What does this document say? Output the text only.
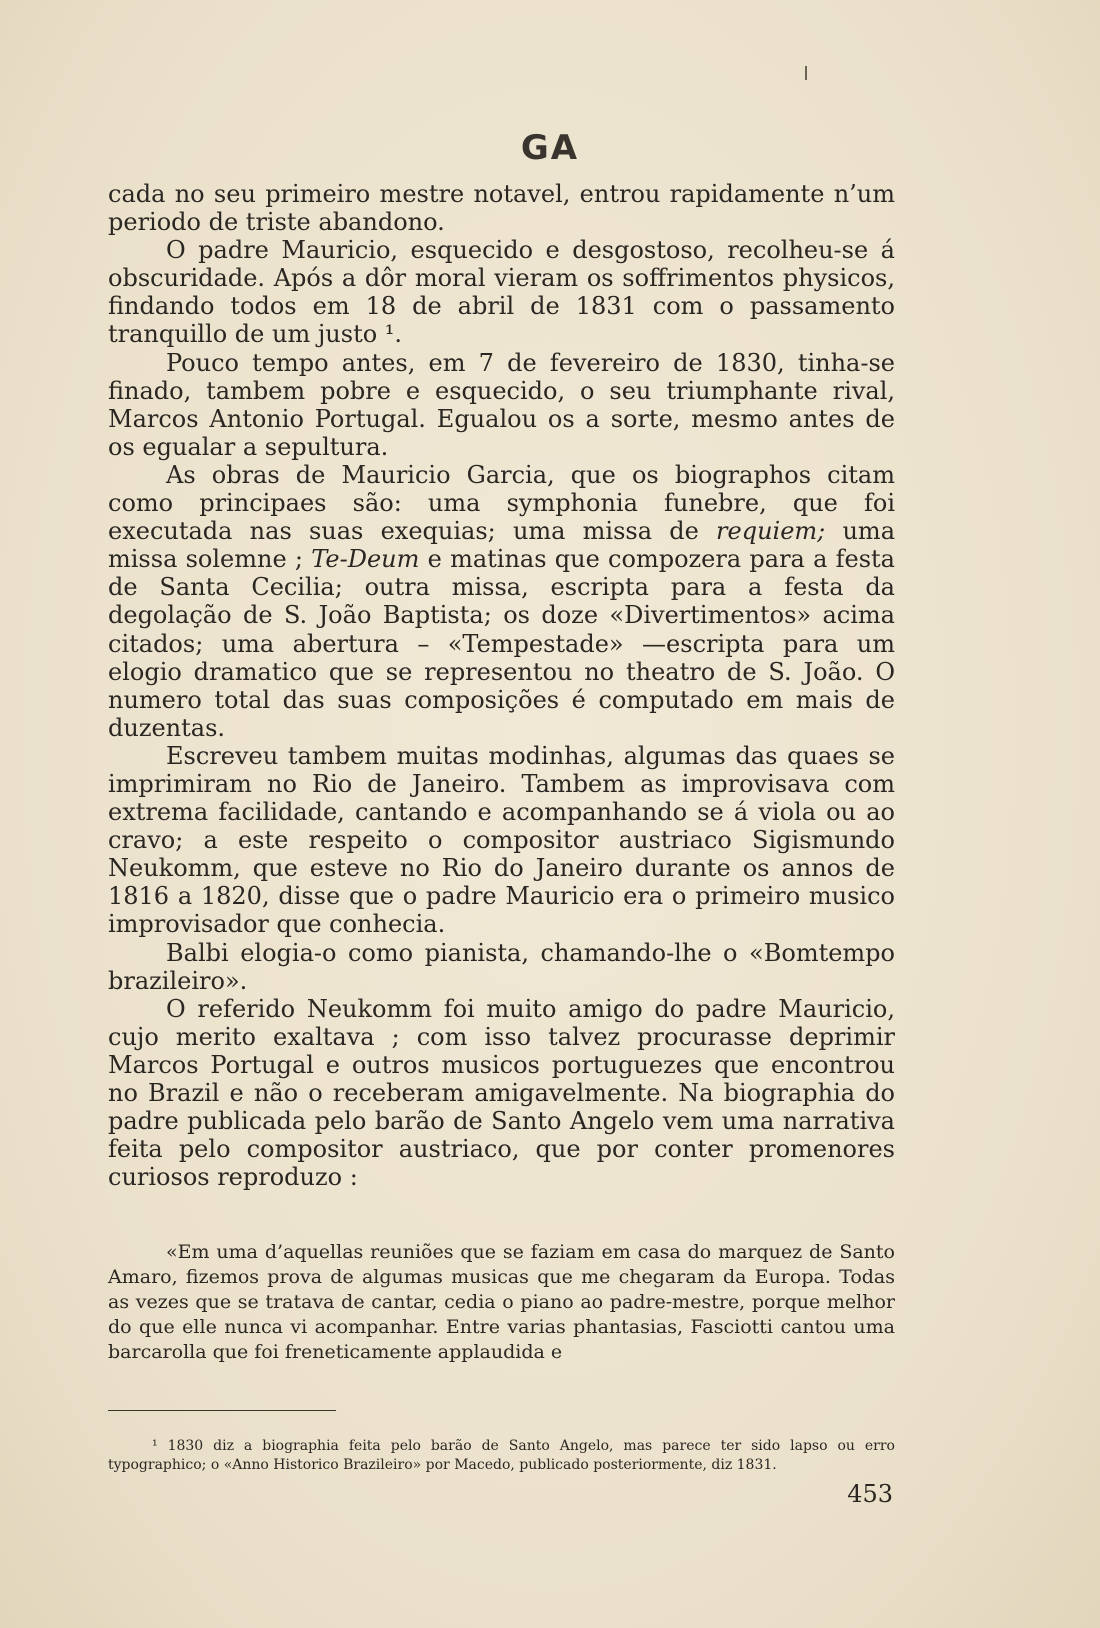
GA

cada no seu primeiro mestre notavel, entrou rapidamente n’um periodo de triste abandono.

O padre Mauricio, esquecido e desgostoso, recolheu-se á obscuridade. Após a dôr moral vieram os soffrimentos physicos, findando todos em 18 de abril de 1831 com o passamento tranquillo de um justo ¹.

Pouco tempo antes, em 7 de fevereiro de 1830, tinha-se finado, tambem pobre e esquecido, o seu triumphante rival, Marcos Antonio Portugal. Egualou os a sorte, mesmo antes de os egualar a sepultura.

As obras de Mauricio Garcia, que os biographos citam como principaes são: uma symphonia funebre, que foi executada nas suas exequias; uma missa de requiem; uma missa solemne ; Te-Deum e matinas que compozera para a festa de Santa Cecilia; outra missa, escripta para a festa da degolação de S. João Baptista; os doze «Divertimentos» acima citados; uma abertura – «Tempestade» —escripta para um elogio dramatico que se representou no theatro de S. João. O numero total das suas composições é computado em mais de duzentas.

Escreveu tambem muitas modinhas, algumas das quaes se imprimiram no Rio de Janeiro. Tambem as improvisava com extrema facilidade, cantando e acompanhando se á viola ou ao cravo; a este respeito o compositor austriaco Sigismundo Neukomm, que esteve no Rio do Janeiro durante os annos de 1816 a 1820, disse que o padre Mauricio era o primeiro musico improvisador que conhecia.

Balbi elogia-o como pianista, chamando-lhe o «Bomtempo brazileiro».

O referido Neukomm foi muito amigo do padre Mauricio, cujo merito exaltava ; com isso talvez procurasse deprimir Marcos Portugal e outros musicos portuguezes que encontrou no Brazil e não o receberam amigavelmente. Na biographia do padre publicada pelo barão de Santo Angelo vem uma narrativa feita pelo compositor austriaco, que por conter promenores curiosos reproduzo :

«Em uma d’aquellas reuniões que se faziam em casa do marquez de Santo Amaro, fizemos prova de algumas musicas que me chegaram da Europa. Todas as vezes que se tratava de cantar, cedia o piano ao padre-mestre, porque melhor do que elle nunca vi acompanhar. Entre varias phantasias, Fasciotti cantou uma barcarolla que foi freneticamente applaudida e

¹ 1830 diz a biographia feita pelo barão de Santo Angelo, mas parece ter sido lapso ou erro typographico; o «Anno Historico Brazileiro» por Macedo, publicado posteriormente, diz 1831.

453
